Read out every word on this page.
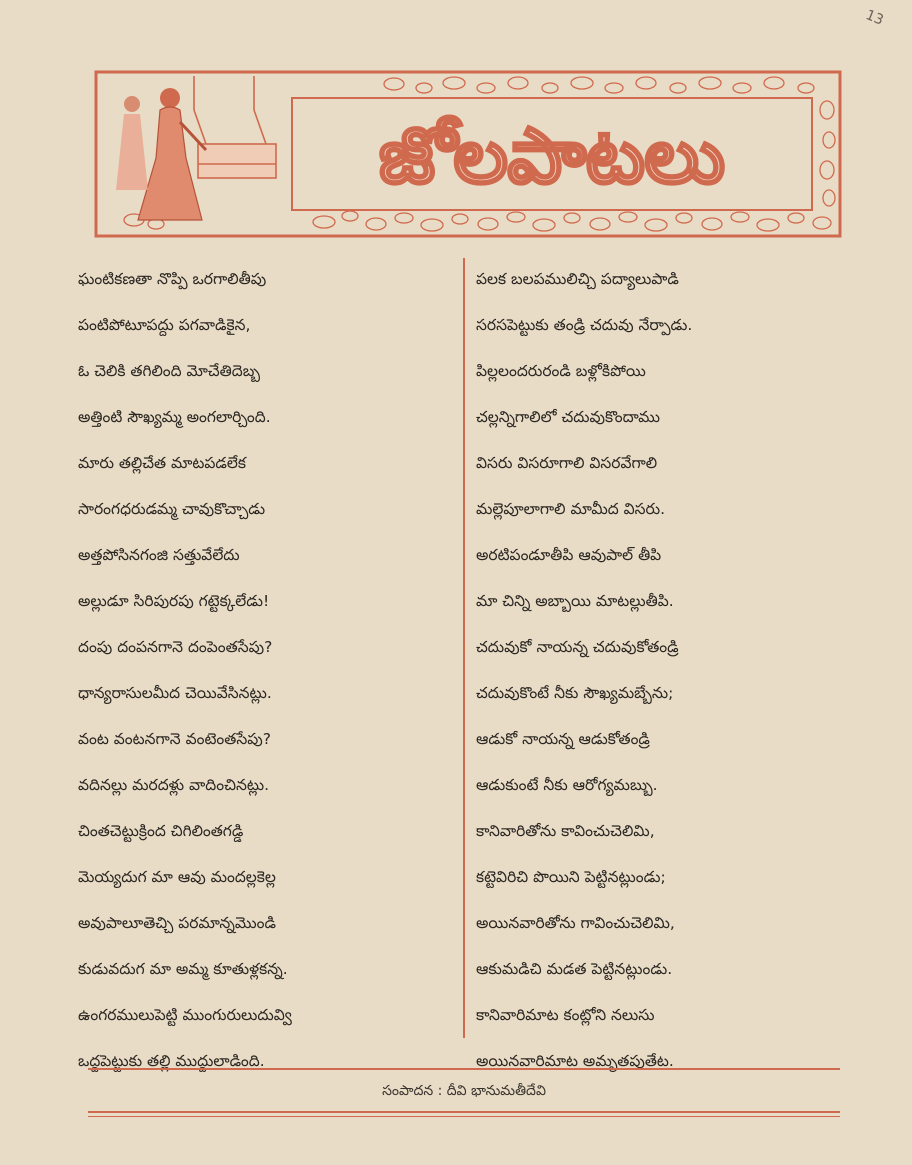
13
జోలపాటలు
ఘంటికణతా నొప్పి ఒరగాలితీపు
పంటిపోటూపద్దు పగవాడికైన,
ఓ చెలికి తగిలింది మోచేతిదెబ్బ
అత్తింటి సౌఖ్యమ్మ అంగలార్చింది.
మారు తల్లిచేత మాటపడలేక
సారంగధరుడమ్మ చావుకొచ్చాడు
అత్తపోసినగంజి సత్తువేలేదు
అల్లుడూ సిరిపురపు గట్టెక్కలేడు!
దంపు దంపనగానె దంపెంతసేపు?
ధాన్యరాసులమీద చెయివేసినట్లు.
వంట వంటనగానె వంటెంతసేపు?
వదినల్లు మరదళ్లు వాదించినట్లు.
చింతచెట్టుక్రింద చిగిలింతగడ్డి
మెయ్యదుగ మా ఆవు మందల్లకెల్ల
అవుపాలూతెచ్చి పరమాన్నమొండి
కుడువదుగ మా అమ్మ కూతుళ్లకన్న.
ఉంగరములుపెట్టి ముంగురులుదువ్వి
ఒద్దపెట్టుకు తల్లి ముద్దులాడింది.
పలక బలపములిచ్చి పద్యాలుపాడి
సరసపెట్టుకు తండ్రి చదువు నేర్పాడు.
పిల్లలందరురండి బళ్లోకిపోయి
చల్లన్నిగాలిలో చదువుకొందాము
విసరు విసరూగాలి విసరవేగాలి
మల్లెపూలాగాలి మామీద విసరు.
అరటిపండూతీపి ఆవుపాల్ తీపి
మా చిన్ని అబ్బాయి మాటల్లుతీపి.
చదువుకో నాయన్న చదువుకోతండ్రి
చదువుకొంటే నీకు సౌఖ్యమబ్బేను;
ఆడుకో నాయన్న ఆడుకోతండ్రి
ఆడుకుంటే నీకు ఆరోగ్యమబ్బు.
కానివారితోను కావించుచెలిమి,
కట్టెవిరిచి పొయిని పెట్టినట్లుండు;
అయినవారితోను గావించుచెలిమి,
ఆకుమడిచి మడత పెట్టినట్లుండు.
కానివారిమాట కంట్లోని నలుసు
అయినవారిమాట అమృతపుతేట.
సంపాదన : దీవి భానుమతీదేవి
